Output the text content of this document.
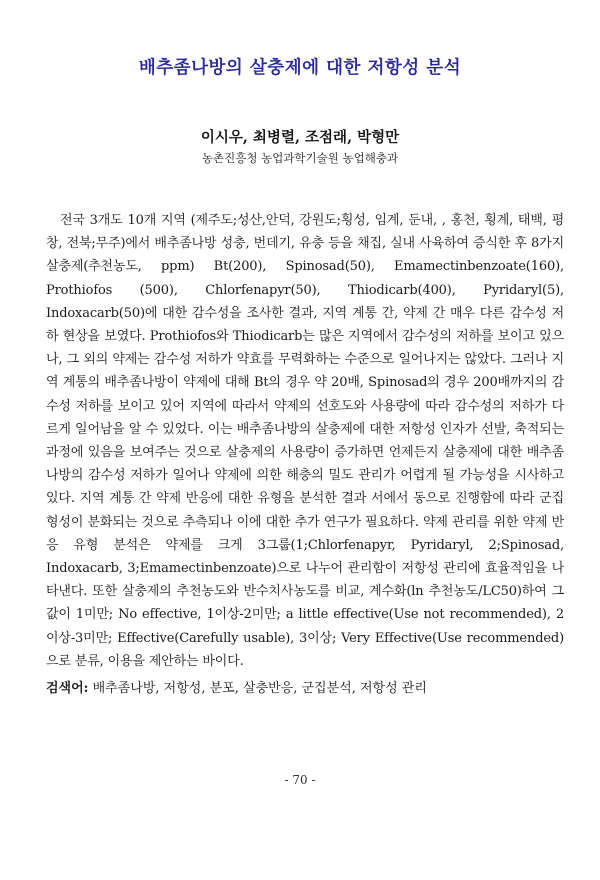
배추좀나방의 살충제에 대한 저항성 분석
이시우, 최병렬, 조점래, 박형만
농촌진흥청 농업과학기술원 농업해충과

전국 3개도 10개 지역 (제주도;성산,안덕, 강원도;횡성, 임계, 둔내, , 홍천, 횡계, 태백, 평창, 전북;무주)에서 배추좀나방 성충, 번데기, 유충 등을 채집, 실내 사육하여 증식한 후 8가지 살충제(추천농도, ppm) Bt(200), Spinosad(50), Emamectinbenzoate(160), Prothiofos (500), Chlorfenapyr(50), Thiodicarb(400), Pyridaryl(5), Indoxacarb(50)에 대한 감수성을 조사한 결과, 지역 계통 간, 약제 간 매우 다른 감수성 저하 현상을 보였다. Prothiofos와 Thiodicarb는 많은 지역에서 감수성의 저하를 보이고 있으나, 그 외의 약제는 감수성 저하가 약효를 무력화하는 수준으로 일어나지는 않았다. 그러나 지역 계통의 배추좀나방이 약제에 대해 Bt의 경우 약 20배, Spinosad의 경우 200배까지의 감수성 저하를 보이고 있어 지역에 따라서 약제의 선호도와 사용량에 따라 감수성의 저하가 다르게 일어남을 알 수 있었다. 이는 배추좀나방의 살충제에 대한 저항성 인자가 선발, 축적되는 과정에 있음을 보여주는 것으로 살충제의 사용량이 증가하면 언제든지 살충제에 대한 배추좀나방의 감수성 저하가 일어나 약제에 의한 해충의 밀도 관리가 어렵게 될 가능성을 시사하고 있다. 지역 계통 간 약제 반응에 대한 유형을 분석한 결과 서에서 동으로 진행함에 따라 군집 형성이 분화되는 것으로 추측되나 이에 대한 추가 연구가 필요하다. 약제 관리를 위한 약제 반응 유형 분석은 약제를 크게 3그룹(1;Chlorfenapyr, Pyridaryl, 2;Spinosad, Indoxacarb, 3;Emamectinbenzoate)으로 나누어 관리함이 저항성 관리에 효율적임을 나타낸다. 또한 살충제의 추천농도와 반수치사농도를 비교, 계수화(ln 추천농도/LC50)하여 그 값이 1미만; No effective, 1이상-2미만; a little effective(Use not recommended), 2이상-3미만; Effective(Carefully usable), 3이상; Very Effective(Use recommended)으로 분류, 이용을 제안하는 바이다.

검색어: 배추좀나방, 저항성, 분포, 살충반응, 군집분석, 저항성 관리
- 70 -
